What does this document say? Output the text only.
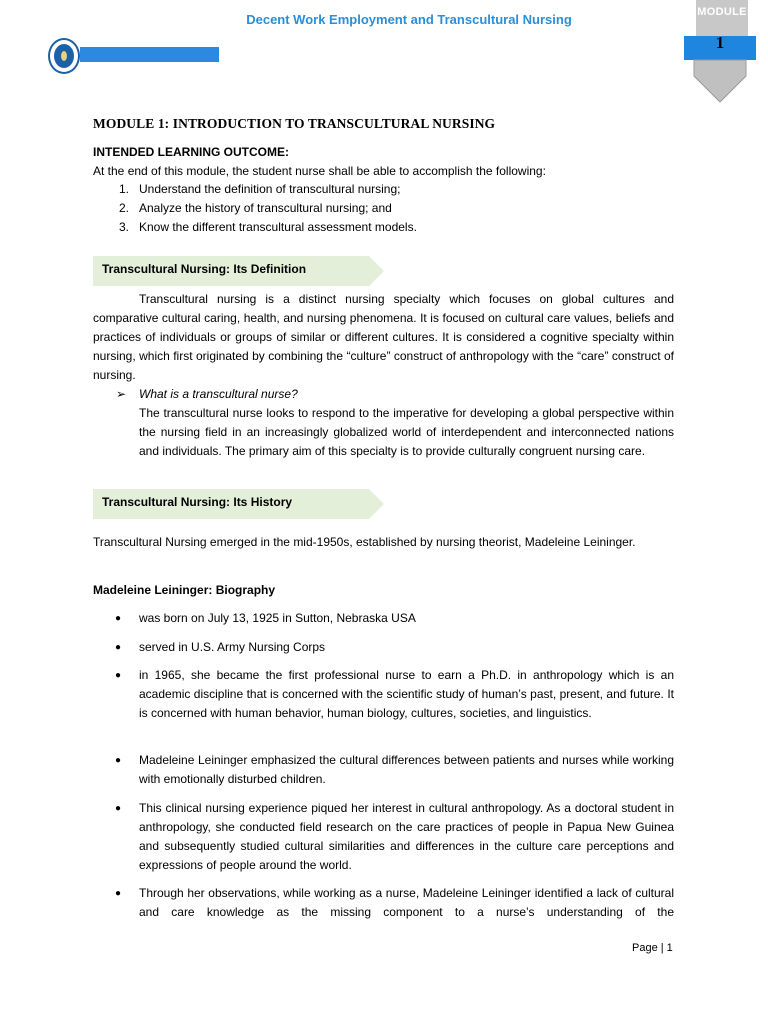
Decent Work Employment and Transcultural Nursing	MODULE
1
MODULE 1: INTRODUCTION TO TRANSCULTURAL NURSING
INTENDED LEARNING OUTCOME:
At the end of this module, the student nurse shall be able to accomplish the following:
1. Understand the definition of transcultural nursing;
2. Analyze the history of transcultural nursing; and
3. Know the different transcultural assessment models.
Transcultural Nursing: Its Definition
Transcultural nursing is a distinct nursing specialty which focuses on global cultures and comparative cultural caring, health, and nursing phenomena. It is focused on cultural care values, beliefs and practices of individuals or groups of similar or different cultures. It is considered a cognitive specialty within nursing, which first originated by combining the “culture” construct of anthropology with the “care” construct of nursing.
➢ What is a transcultural nurse?
The transcultural nurse looks to respond to the imperative for developing a global perspective within the nursing field in an increasingly globalized world of interdependent and interconnected nations and individuals. The primary aim of this specialty is to provide culturally congruent nursing care.
Transcultural Nursing: Its History
Transcultural Nursing emerged in the mid-1950s, established by nursing theorist, Madeleine Leininger.
Madeleine Leininger: Biography
● was born on July 13, 1925 in Sutton, Nebraska USA
● served in U.S. Army Nursing Corps
● in 1965, she became the first professional nurse to earn a Ph.D. in anthropology which is an academic discipline that is concerned with the scientific study of human’s past, present, and future. It is concerned with human behavior, human biology, cultures, societies, and linguistics.
● Madeleine Leininger emphasized the cultural differences between patients and nurses while working with emotionally disturbed children.
● This clinical nursing experience piqued her interest in cultural anthropology. As a doctoral student in anthropology, she conducted field research on the care practices of people in Papua New Guinea and subsequently studied cultural similarities and differences in the culture care perceptions and expressions of people around the world.
● Through her observations, while working as a nurse, Madeleine Leininger identified a lack of cultural and care knowledge as the missing component to a nurse’s understanding of the
Page | 1
